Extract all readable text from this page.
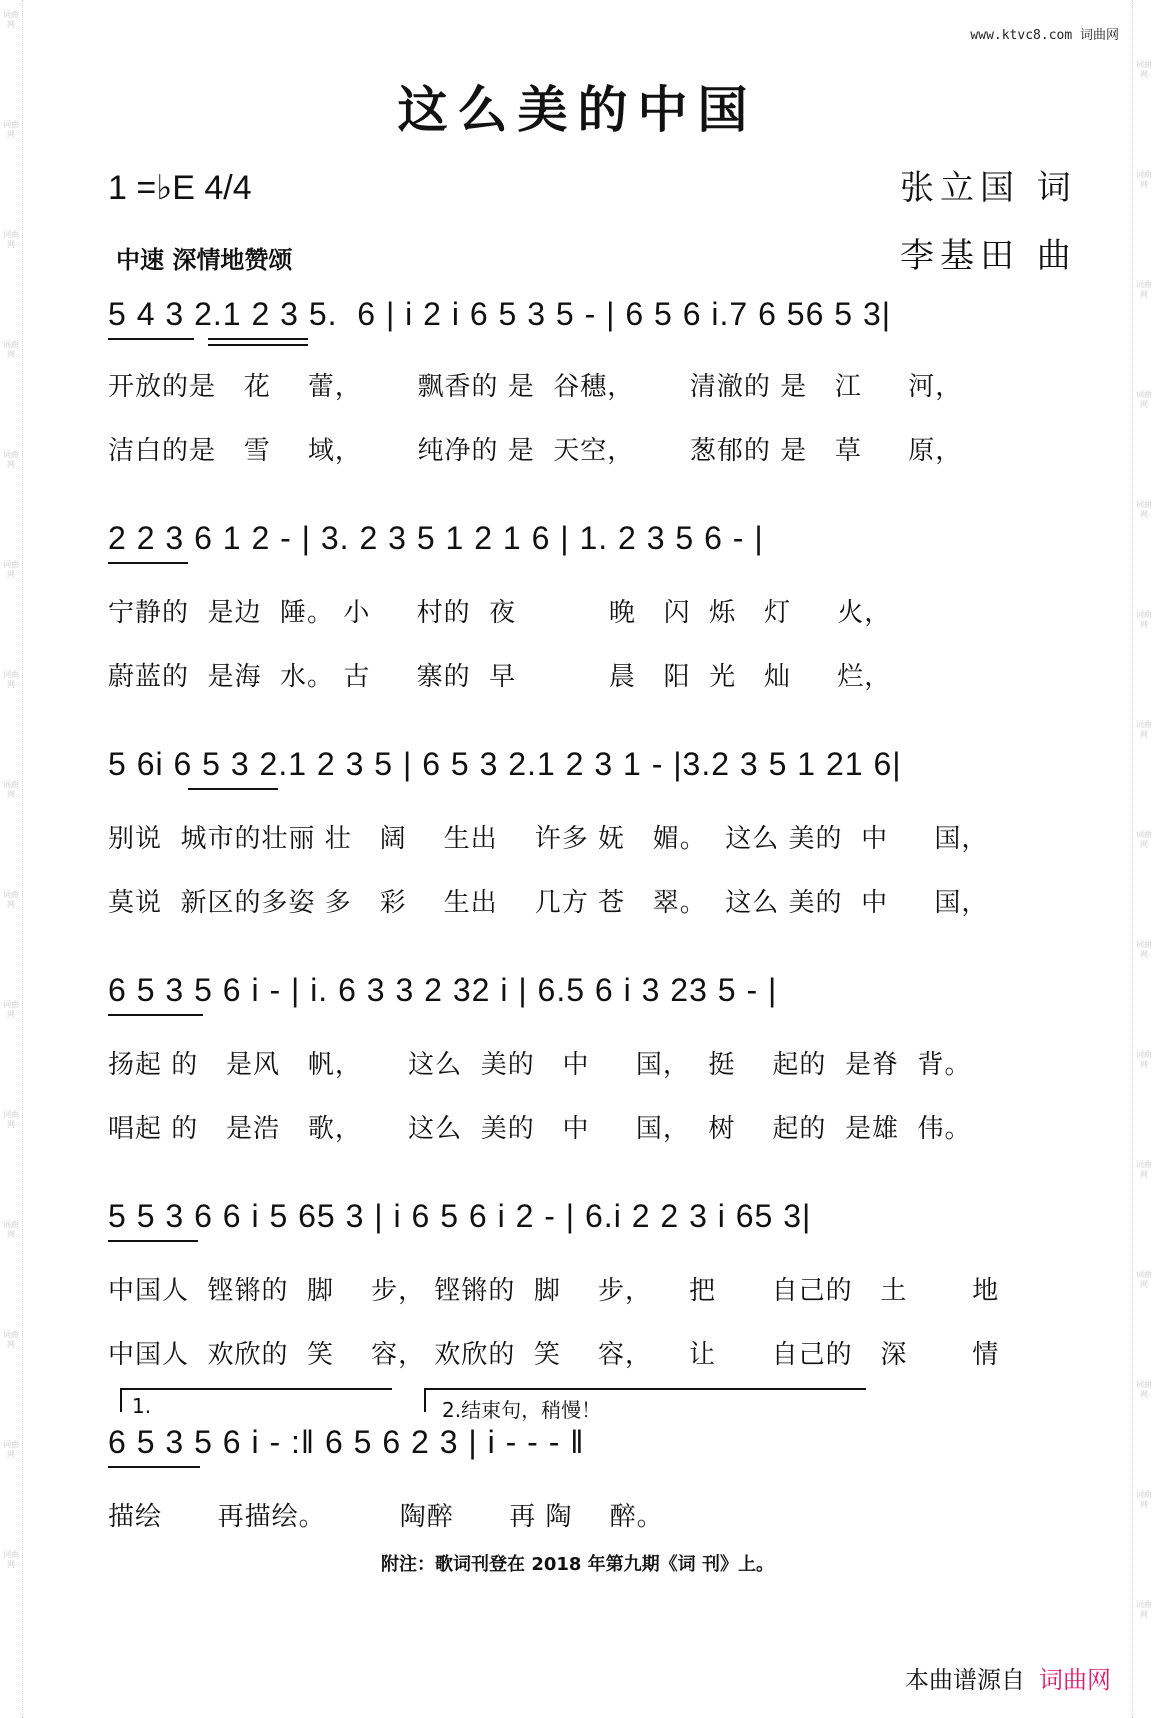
词曲网
词曲网
词曲网
词曲网
词曲网
词曲网
词曲网
词曲网
词曲网
词曲网
词曲网
词曲网
词曲网
词曲网
词曲网
词曲网
词曲网
词曲网
词曲网
词曲网
词曲网
词曲网
词曲网
词曲网
词曲网
词曲网
词曲网
词曲网
词曲网
词曲网
www.ktvc8.com 词曲网
这么美的中国
1 =♭E 4/4
中速 深情地赞颂
张立国 词
李基田 曲
5 4 3 2.1 2 3 5.  6 | i 2 i 6 5 3 5 - | 6 5 6 i.7 6 56 5 3|
开放的是   花    蕾，      飘香的 是  谷穗，      清澈的 是   江     河，
洁白的是   雪    域，      纯净的 是  天空，      葱郁的 是   草     原，
2 2 3 6 1 2 - | 3. 2 3 5 1 2 1 6 | 1. 2 3 5 6 - |
宁静的  是边  陲。 小     村的  夜          晚   闪  烁   灯     火，
蔚蓝的  是海  水。 古     寨的  早          晨   阳  光   灿     烂，
5 6i 6 5 3 2.1 2 3 5 | 6 5 3 2.1 2 3 1 - |3.2 3 5 1 21 6|
别说  城市的壮丽 壮   阔    生出    许多 妩   媚。  这么 美的  中     国，
莫说  新区的多姿 多   彩    生出    几方 苍   翠。  这么 美的  中     国，
6 5 3 5 6 i - | i. 6 3 3 2 32 i | 6.5 6 i 3 23 5 - |
扬起 的   是风   帆，     这么  美的   中     国，  挺    起的  是脊  背。
唱起 的   是浩   歌，     这么  美的   中     国，  树    起的  是雄  伟。
5 5 3 6 6 i 5 65 3 | i 6 5 6 i 2 - | 6.i 2 2 3 i 65 3|
中国人  铿锵的  脚    步， 铿锵的  脚    步，    把      自己的   土       地
中国人  欢欣的  笑    容， 欢欣的  笑    容，    让      自己的   深       情
1.	2.结束句，稍慢！
6 5 3 5 6 i - :‖ 6 5 6 2 3 | i - - - ‖
描绘      再描绘。        陶醉      再 陶    醉。
附注：歌词刊登在 2018 年第九期《词 刊》上。
本曲谱源自 词曲网
